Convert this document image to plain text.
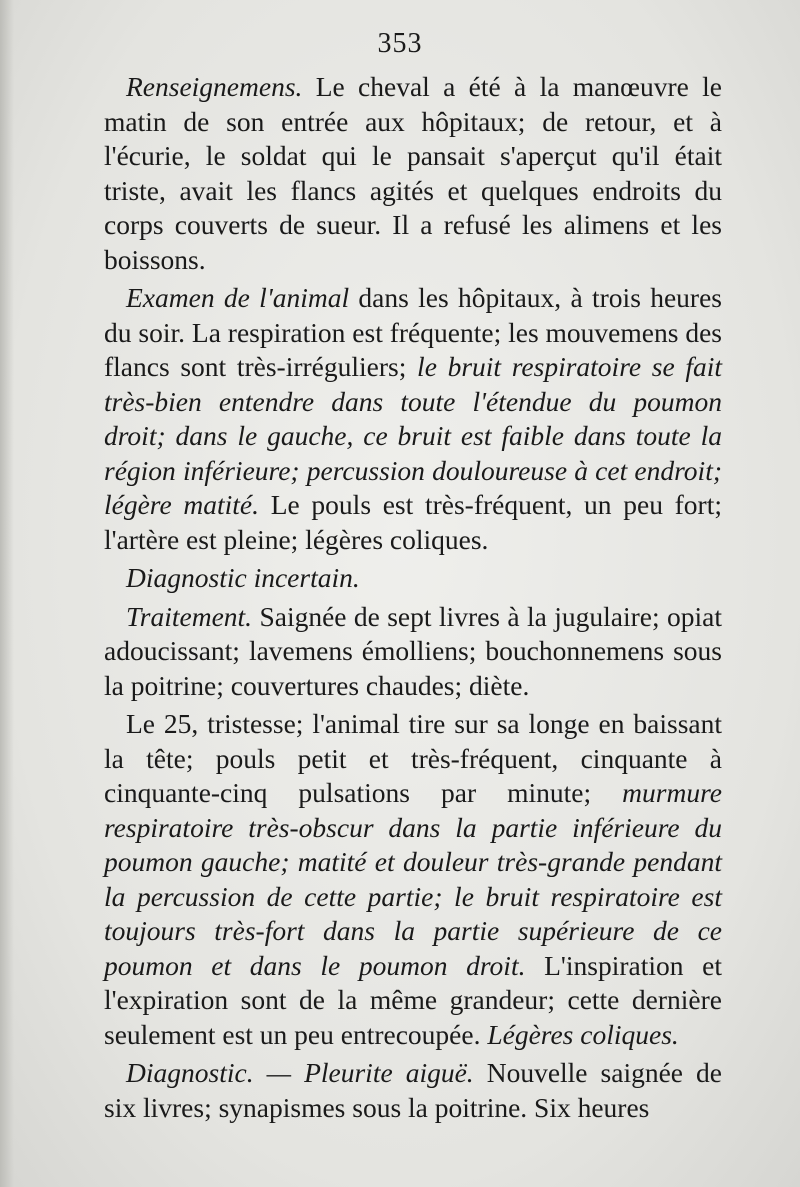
353

Renseignemens. Le cheval a été à la manœuvre le matin de son entrée aux hôpitaux; de retour, et à l'écurie, le soldat qui le pansait s'aperçut qu'il était triste, avait les flancs agités et quelques endroits du corps couverts de sueur. Il a refusé les alimens et les boissons.

Examen de l'animal dans les hôpitaux, à trois heures du soir. La respiration est fréquente; les mouvemens des flancs sont très-irréguliers; le bruit respiratoire se fait très-bien entendre dans toute l'étendue du poumon droit; dans le gauche, ce bruit est faible dans toute la région inférieure; percussion douloureuse à cet endroit; légère matité. Le pouls est très-fréquent, un peu fort; l'artère est pleine; légères coliques.

Diagnostic incertain.

Traitement. Saignée de sept livres à la jugulaire; opiat adoucissant; lavemens émolliens; bouchonnemens sous la poitrine; couvertures chaudes; diète.

Le 25, tristesse; l'animal tire sur sa longe en baissant la tête; pouls petit et très-fréquent, cinquante à cinquante-cinq pulsations par minute; murmure respiratoire très-obscur dans la partie inférieure du poumon gauche; matité et douleur très-grande pendant la percussion de cette partie; le bruit respiratoire est toujours très-fort dans la partie supérieure de ce poumon et dans le poumon droit. L'inspiration et l'expiration sont de la même grandeur; cette dernière seulement est un peu entrecoupée. Légères coliques.

Diagnostic. — Pleurite aiguë. Nouvelle saignée de six livres; synapismes sous la poitrine. Six heures
